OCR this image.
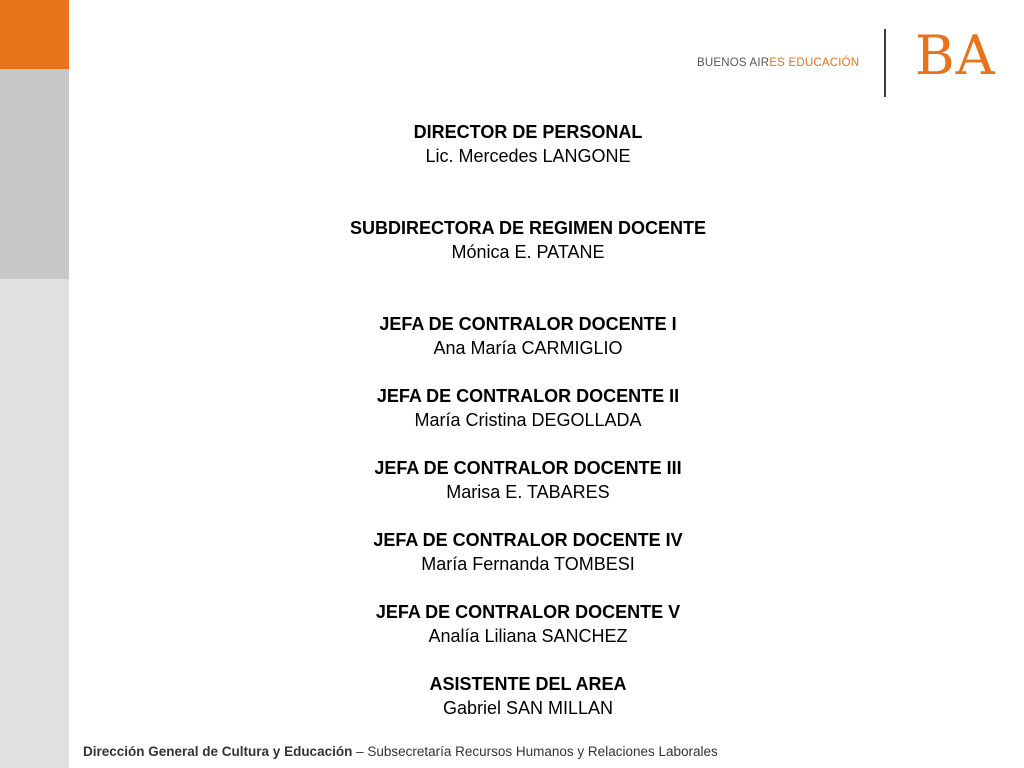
BUENOS AIRES EDUCACIÓN BA

DIRECTOR DE PERSONAL

Lic. Mercedes LANGONE

SUBDIRECTORA DE REGIMEN DOCENTE

Mónica E. PATANE

JEFA DE CONTRALOR DOCENTE I

Ana María CARMIGLIO

JEFA DE CONTRALOR DOCENTE II

María Cristina DEGOLLADA

JEFA DE CONTRALOR DOCENTE III

Marisa E. TABARES

JEFA DE CONTRALOR DOCENTE IV

María Fernanda TOMBESI

JEFA DE CONTRALOR DOCENTE V

Analía Liliana SANCHEZ

ASISTENTE DEL AREA

Gabriel SAN MILLAN

Dirección General de Cultura y Educación – Subsecretaría Recursos Humanos y Relaciones Laborales
